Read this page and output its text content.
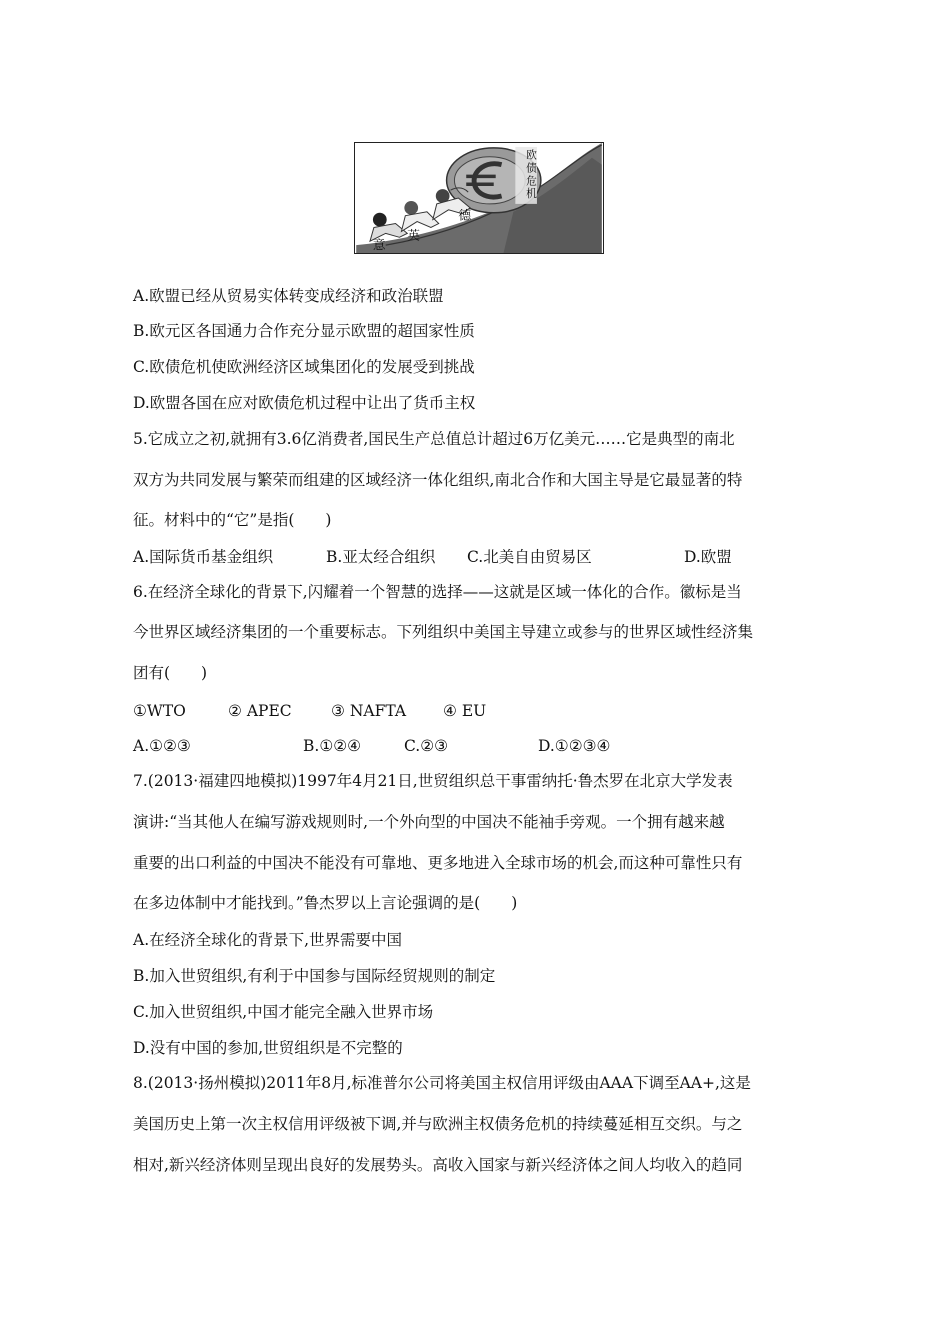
欧
债
危
机
意
英
德
A.欧盟已经从贸易实体转变成经济和政治联盟
B.欧元区各国通力合作充分显示欧盟的超国家性质
C.欧债危机使欧洲经济区域集团化的发展受到挑战
D.欧盟各国在应对欧债危机过程中让出了货币主权
5.它成立之初,就拥有3.6亿消费者,国民生产总值总计超过6万亿美元……它是典型的南北
双方为共同发展与繁荣而组建的区域经济一体化组织,南北合作和大国主导是它最显著的特
征。材料中的“它”是指(　　)
A.国际货币基金组织	B.亚太经合组织 C.北美自由贸易区	D.欧盟
6.在经济全球化的背景下,闪耀着一个智慧的选择——这就是区域一体化的合作。徽标是当
今世界区域经济集团的一个重要标志。下列组织中美国主导建立或参与的世界区域性经济集
团有(　　)
①WTO	② APEC	③ NAFTA ④ EU
A.①②③	B.①②④	C.②③	D.①②③④
7.(2013·福建四地模拟)1997年4月21日,世贸组织总干事雷纳托·鲁杰罗在北京大学发表
演讲:“当其他人在编写游戏规则时,一个外向型的中国决不能袖手旁观。一个拥有越来越
重要的出口利益的中国决不能没有可靠地、更多地进入全球市场的机会,而这种可靠性只有
在多边体制中才能找到。”鲁杰罗以上言论强调的是(　　)
A.在经济全球化的背景下,世界需要中国
B.加入世贸组织,有利于中国参与国际经贸规则的制定
C.加入世贸组织,中国才能完全融入世界市场
D.没有中国的参加,世贸组织是不完整的
8.(2013·扬州模拟)2011年8月,标准普尔公司将美国主权信用评级由AAA下调至AA+,这是
美国历史上第一次主权信用评级被下调,并与欧洲主权债务危机的持续蔓延相互交织。与之
相对,新兴经济体则呈现出良好的发展势头。高收入国家与新兴经济体之间人均收入的趋同
